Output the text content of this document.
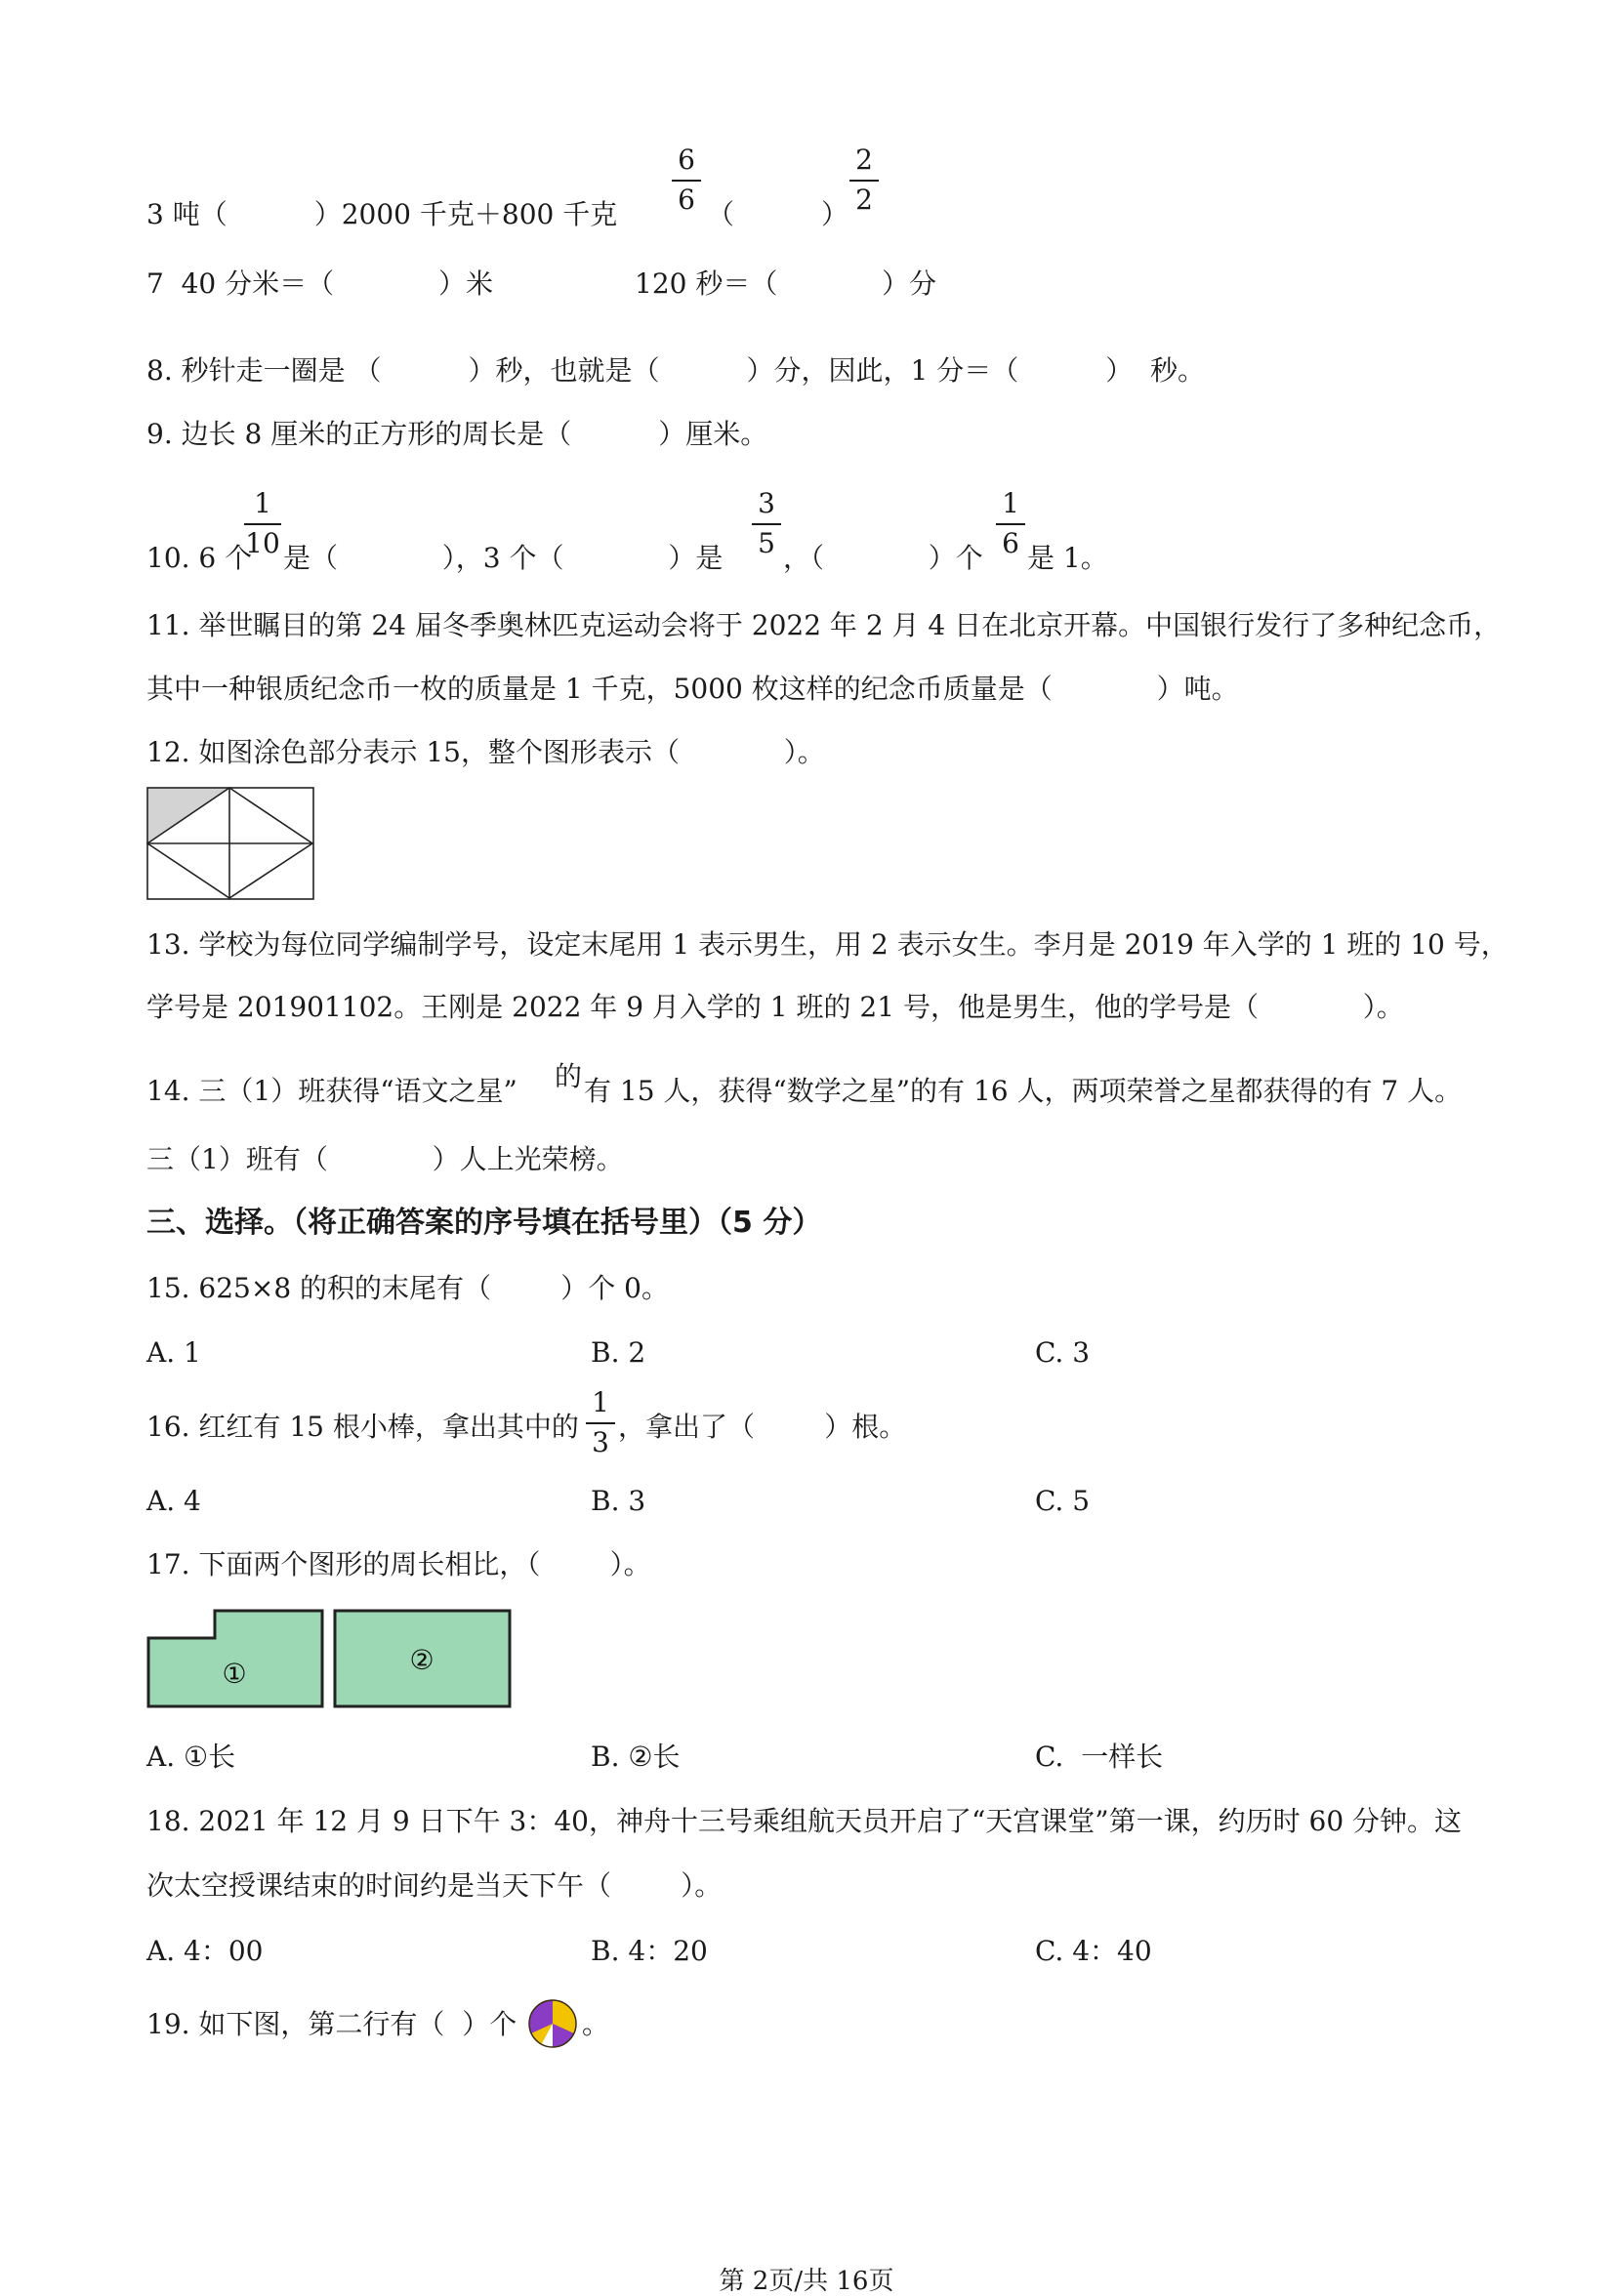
3 吨（          ）2000 千克＋800 千克
6
6 （          ）
2
2
7  40 分米＝（            ）米	120 秒＝（            ）分
8. 秒针走一圈是 （          ）秒，也就是（          ）分，因此，1 分＝（          ）  秒。
9. 边长 8 厘米的正方形的周长是（          ）厘米。
10. 6 个
1
10 是（            ），3 个（            ）是
3
5 ，（            ）个
1
6 是 1。
11. 举世瞩目的第 24 届冬季奥林匹克运动会将于 2022 年 2 月 4 日在北京开幕。中国银行发行了多种纪念币，
其中一种银质纪念币一枚的质量是 1 千克，5000 枚这样的纪念币质量是（            ）吨。
12. 如图涂色部分表示 15，整个图形表示（            ）。
13. 学校为每位同学编制学号，设定末尾用 1 表示男生，用 2 表示女生。李月是 2019 年入学的 1 班的 10 号，
学号是 201901102。王刚是 2022 年 9 月入学的 1 班的 21 号，他是男生，他的学号是（            ）。
14. 三（1）班获得“语文之星” 的 有 15 人，获得“数学之星”的有 16 人，两项荣誉之星都获得的有 7 人。
三（1）班有（            ）人上光荣榜。
三、选择。（将正确答案的序号填在括号里）（5 分）
15. 625×8 的积的末尾有（        ）个 0。
A. 1	B. 2	C. 3
16. 红红有 15 根小棒，拿出其中的
1
3 ，拿出了（        ）根。
A. 4	B. 3	C. 5
17. 下面两个图形的周长相比，（        ）。
①	②
A. ①长	B. ②长	C.  一样长
18. 2021 年 12 月 9 日下午 3：40，神舟十三号乘组航天员开启了“天宫课堂”第一课，约历时 60 分钟。这
次太空授课结束的时间约是当天下午（        ）。
A. 4：00	B. 4：20	C. 4：40
19. 如下图，第二行有（  ）个 。
第 2页/共 16页
